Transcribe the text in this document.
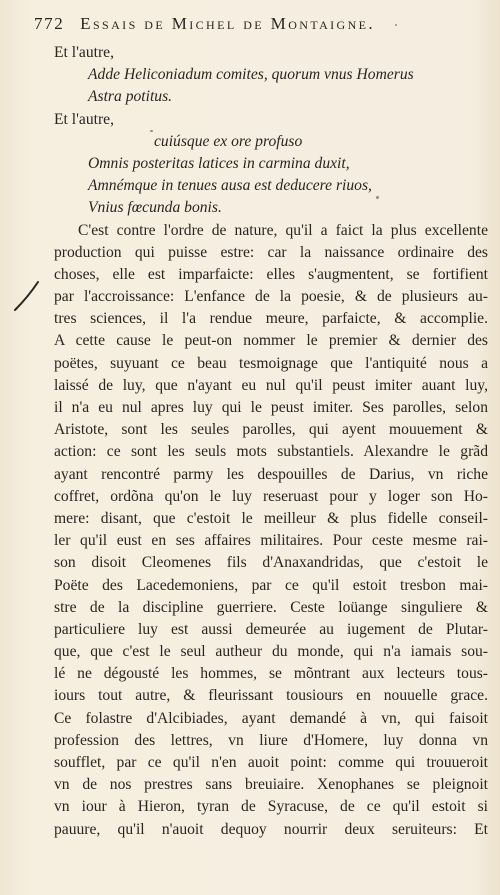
772 Essais de Michel de Montaigne.
Et l'autre,
Adde Heliconiadum comites, quorum vnus Homerus
Astra potitus.
Et l'autre,
cuiúsque ex ore profuso
Omnis posteritas latices in carmina duxit,
Amnémque in tenues ausa est deducere riuos,
Vnius fœcunda bonis.
C'est contre l'ordre de nature, qu'il a faict la plus excellente
production qui puisse estre: car la naissance ordinaire des
choses, elle est imparfaicte: elles s'augmentent, se fortifient
par l'accroissance: L'enfance de la poesie, & de plusieurs au-
tres sciences, il l'a rendue meure, parfaicte, & accomplie.
A cette cause le peut-on nommer le premier & dernier des
poëtes, suyuant ce beau tesmoignage que l'antiquité nous a
laissé de luy, que n'ayant eu nul qu'il peust imiter auant luy,
il n'a eu nul apres luy qui le peust imiter. Ses parolles, selon
Aristote, sont les seules parolles, qui ayent mouuement &
action: ce sont les seuls mots substantiels. Alexandre le grãd
ayant rencontré parmy les despouilles de Darius, vn riche
coffret, ordõna qu'on le luy reseruast pour y loger son Ho-
mere: disant, que c'estoit le meilleur & plus fidelle conseil-
ler qu'il eust en ses affaires militaires. Pour ceste mesme rai-
son disoit Cleomenes fils d'Anaxandridas, que c'estoit le
Poëte des Lacedemoniens, par ce qu'il estoit tresbon mai-
stre de la discipline guerriere. Ceste loüange singuliere &
particuliere luy est aussi demeurée au iugement de Plutar-
que, que c'est le seul autheur du monde, qui n'a iamais sou-
lé ne dégousté les hommes, se mõntrant aux lecteurs tous-
iours tout autre, & fleurissant tousiours en nouuelle grace.
Ce folastre d'Alcibiades, ayant demandé à vn, qui faisoit
profession des lettres, vn liure d'Homere, luy donna vn
soufflet, par ce qu'il n'en auoit point: comme qui trouueroit
vn de nos prestres sans breuiaire. Xenophanes se pleignoit
vn iour à Hieron, tyran de Syracuse, de ce qu'il estoit si
pauure, qu'il n'auoit dequoy nourrir deux seruiteurs: Et
